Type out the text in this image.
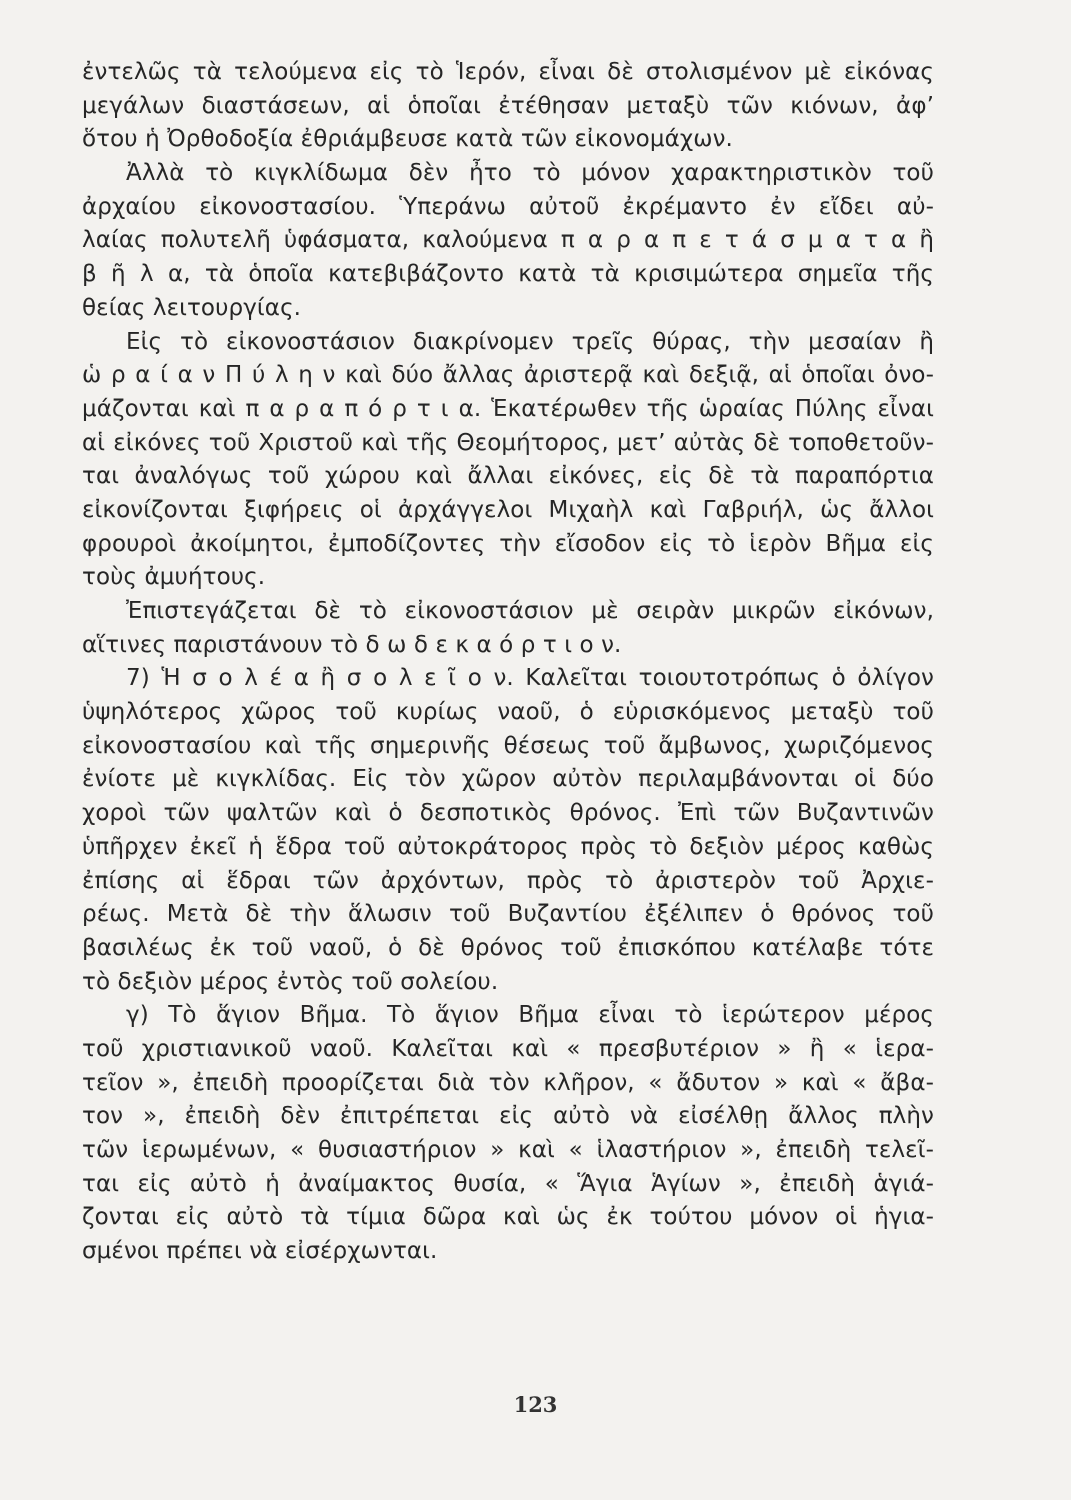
ἐντελῶς τὰ τελούμενα εἰς τὸ Ἱερόν, εἶναι δὲ στολισμένον μὲ εἰκόνας
μεγάλων διαστάσεων, αἱ ὁποῖαι ἐτέθησαν μεταξὺ τῶν κιόνων, ἀφ’
ὅτου ἡ Ὀρθοδοξία ἐθριάμβευσε κατὰ τῶν εἰκονομάχων.
Ἀλλὰ τὸ κιγκλίδωμα δὲν ἦτο τὸ μόνον χαρακτηριστικὸν τοῦ
ἀρχαίου εἰκονοστασίου. Ὑπεράνω αὐτοῦ ἐκρέμαντο ἐν εἴδει αὐ-
λαίας πολυτελῆ ὑφάσματα, καλούμενα π α ρ α π ε τ ά σ μ α τ α ἢ
β ῆ λ α, τὰ ὁποῖα κατεβιβάζοντο κατὰ τὰ κρισιμώτερα σημεῖα τῆς
θείας λειτουργίας.
Εἰς τὸ εἰκονοστάσιον διακρίνομεν τρεῖς θύρας, τὴν μεσαίαν ἢ
ὡ ρ α ί α ν Π ύ λ η ν καὶ δύο ἄλλας ἀριστερᾷ καὶ δεξιᾷ, αἱ ὁποῖαι ὀνο-
μάζονται καὶ π α ρ α π ό ρ τ ι α. Ἑκατέρωθεν τῆς ὡραίας Πύλης εἶναι
αἱ εἰκόνες τοῦ Χριστοῦ καὶ τῆς Θεομήτορος, μετ’ αὐτὰς δὲ τοποθετοῦν-
ται ἀναλόγως τοῦ χώρου καὶ ἄλλαι εἰκόνες, εἰς δὲ τὰ παραπόρτια
εἰκονίζονται ξιφήρεις οἱ ἀρχάγγελοι Μιχαὴλ καὶ Γαβριήλ, ὡς ἄλλοι
φρουροὶ ἀκοίμητοι, ἐμποδίζοντες τὴν εἴσοδον εἰς τὸ ἱερὸν Βῆμα εἰς
τοὺς ἀμυήτους.
Ἐπιστεγάζεται δὲ τὸ εἰκονοστάσιον μὲ σειρὰν μικρῶν εἰκόνων,
αἵτινες παριστάνουν τὸ δ ω δ ε κ α ό ρ τ ι ο ν.
7) Ἡ σ ο λ έ α ἢ σ ο λ ε ῖ ο ν. Καλεῖται τοιουτοτρόπως ὁ ὀλίγον
ὑψηλότερος χῶρος τοῦ κυρίως ναοῦ, ὁ εὑρισκόμενος μεταξὺ τοῦ
εἰκονοστασίου καὶ τῆς σημερινῆς θέσεως τοῦ ἄμβωνος, χωριζόμενος
ἐνίοτε μὲ κιγκλίδας. Εἰς τὸν χῶρον αὐτὸν περιλαμβάνονται οἱ δύο
χοροὶ τῶν ψαλτῶν καὶ ὁ δεσποτικὸς θρόνος. Ἐπὶ τῶν Βυζαντινῶν
ὑπῆρχεν ἐκεῖ ἡ ἕδρα τοῦ αὐτοκράτορος πρὸς τὸ δεξιὸν μέρος καθὼς
ἐπίσης αἱ ἕδραι τῶν ἀρχόντων, πρὸς τὸ ἀριστερὸν τοῦ Ἀρχιε-
ρέως. Μετὰ δὲ τὴν ἅλωσιν τοῦ Βυζαντίου ἐξέλιπεν ὁ θρόνος τοῦ
βασιλέως ἐκ τοῦ ναοῦ, ὁ δὲ θρόνος τοῦ ἐπισκόπου κατέλαβε τότε
τὸ δεξιὸν μέρος ἐντὸς τοῦ σολείου.
γ) Τὸ ἅγιον Βῆμα. Τὸ ἅγιον Βῆμα εἶναι τὸ ἱερώτερον μέρος
τοῦ χριστιανικοῦ ναοῦ. Καλεῖται καὶ « πρεσβυτέριον » ἢ « ἱερα-
τεῖον », ἐπειδὴ προορίζεται διὰ τὸν κλῆρον, « ἄδυτον » καὶ « ἄβα-
τον », ἐπειδὴ δὲν ἐπιτρέπεται εἰς αὐτὸ νὰ εἰσέλθῃ ἄλλος πλὴν
τῶν ἱερωμένων, « θυσιαστήριον » καὶ « ἱλαστήριον », ἐπειδὴ τελεῖ-
ται εἰς αὐτὸ ἡ ἀναίμακτος θυσία, « Ἅγια Ἁγίων », ἐπειδὴ ἁγιά-
ζονται εἰς αὐτὸ τὰ τίμια δῶρα καὶ ὡς ἐκ τούτου μόνον οἱ ἡγια-
σμένοι πρέπει νὰ εἰσέρχωνται.
123
